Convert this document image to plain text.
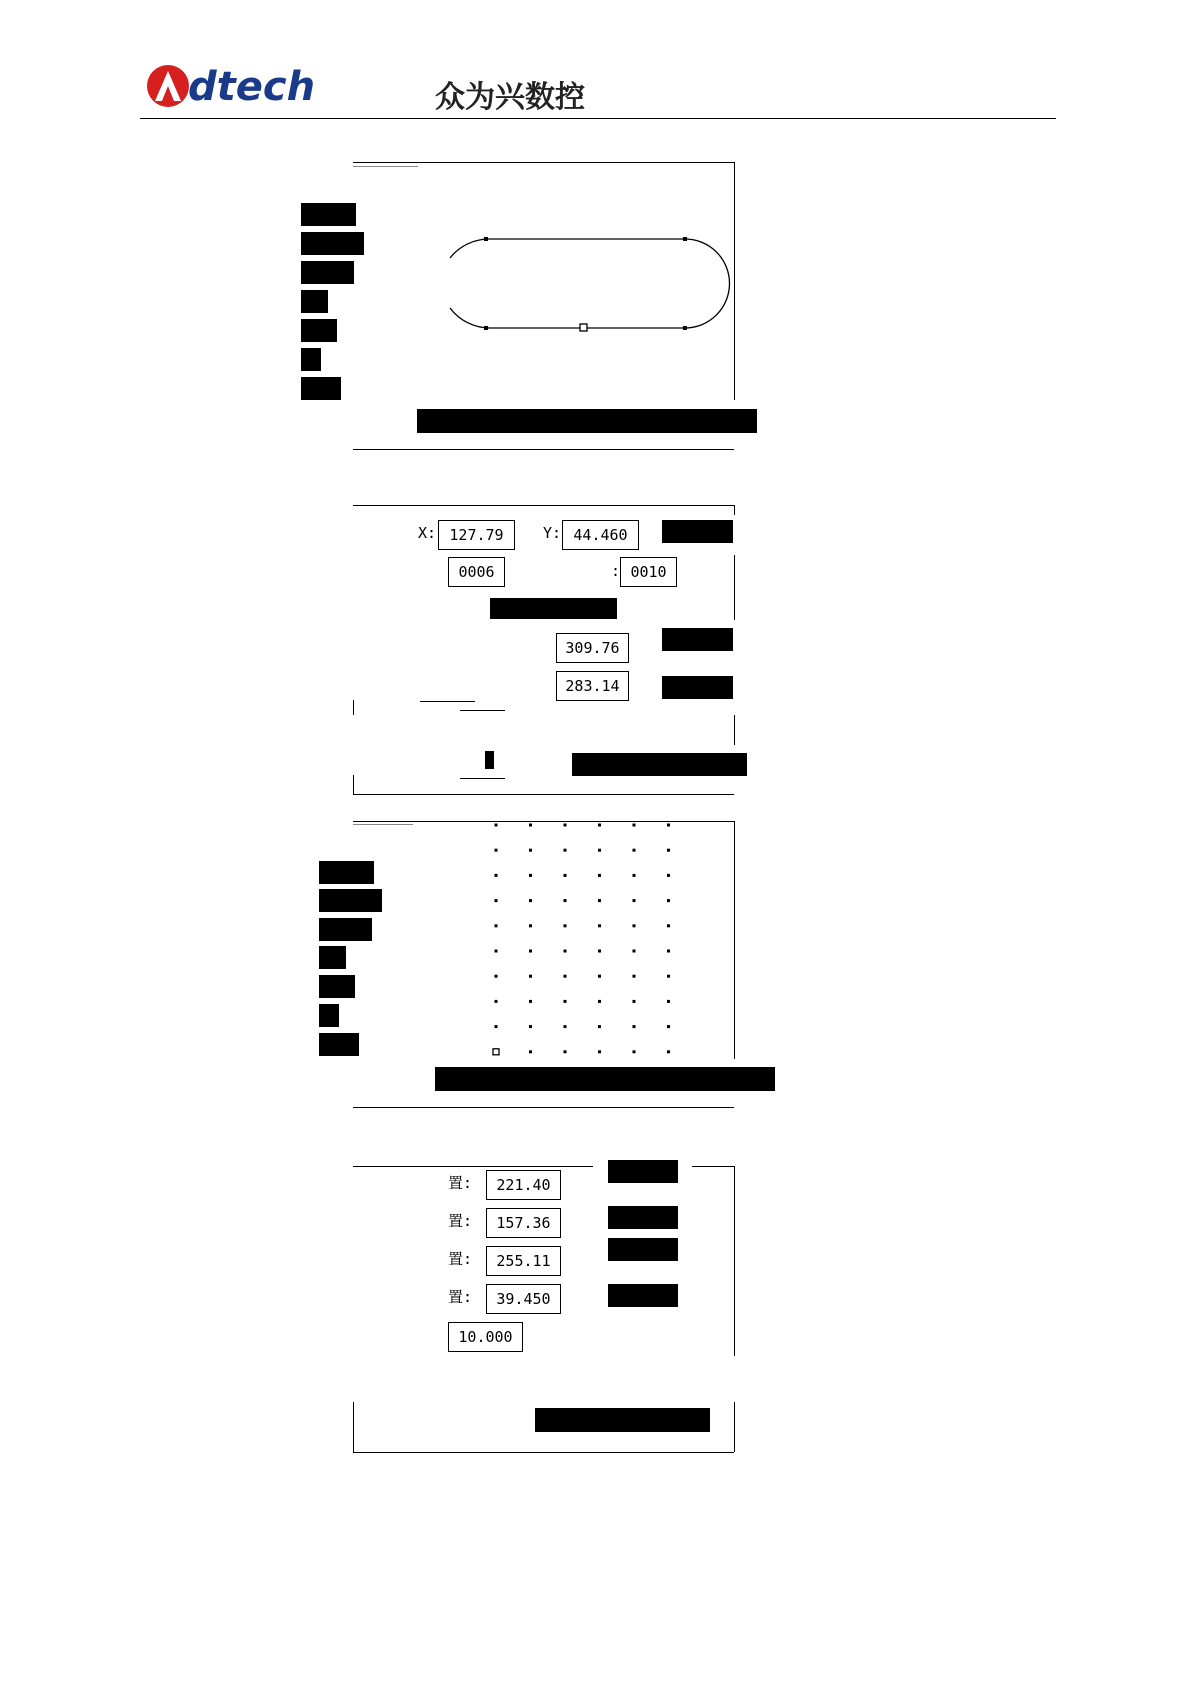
dtech	众为兴数控
X: 127.79	Y: 44.460
0006	: 0010
309.76
283.14
置:	221.40
置:	157.36
置:	255.11
置:	39.450
10.000
